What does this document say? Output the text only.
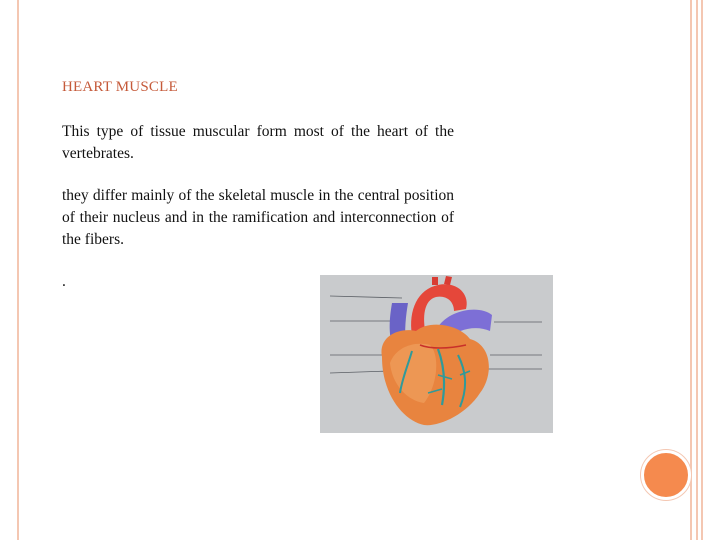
HEART MUSCLE
This type of tissue muscular form most of the heart of the vertebrates.
they differ mainly of the skeletal muscle in the central position of their nucleus and in the ramification and interconnection of the fibers.
.
